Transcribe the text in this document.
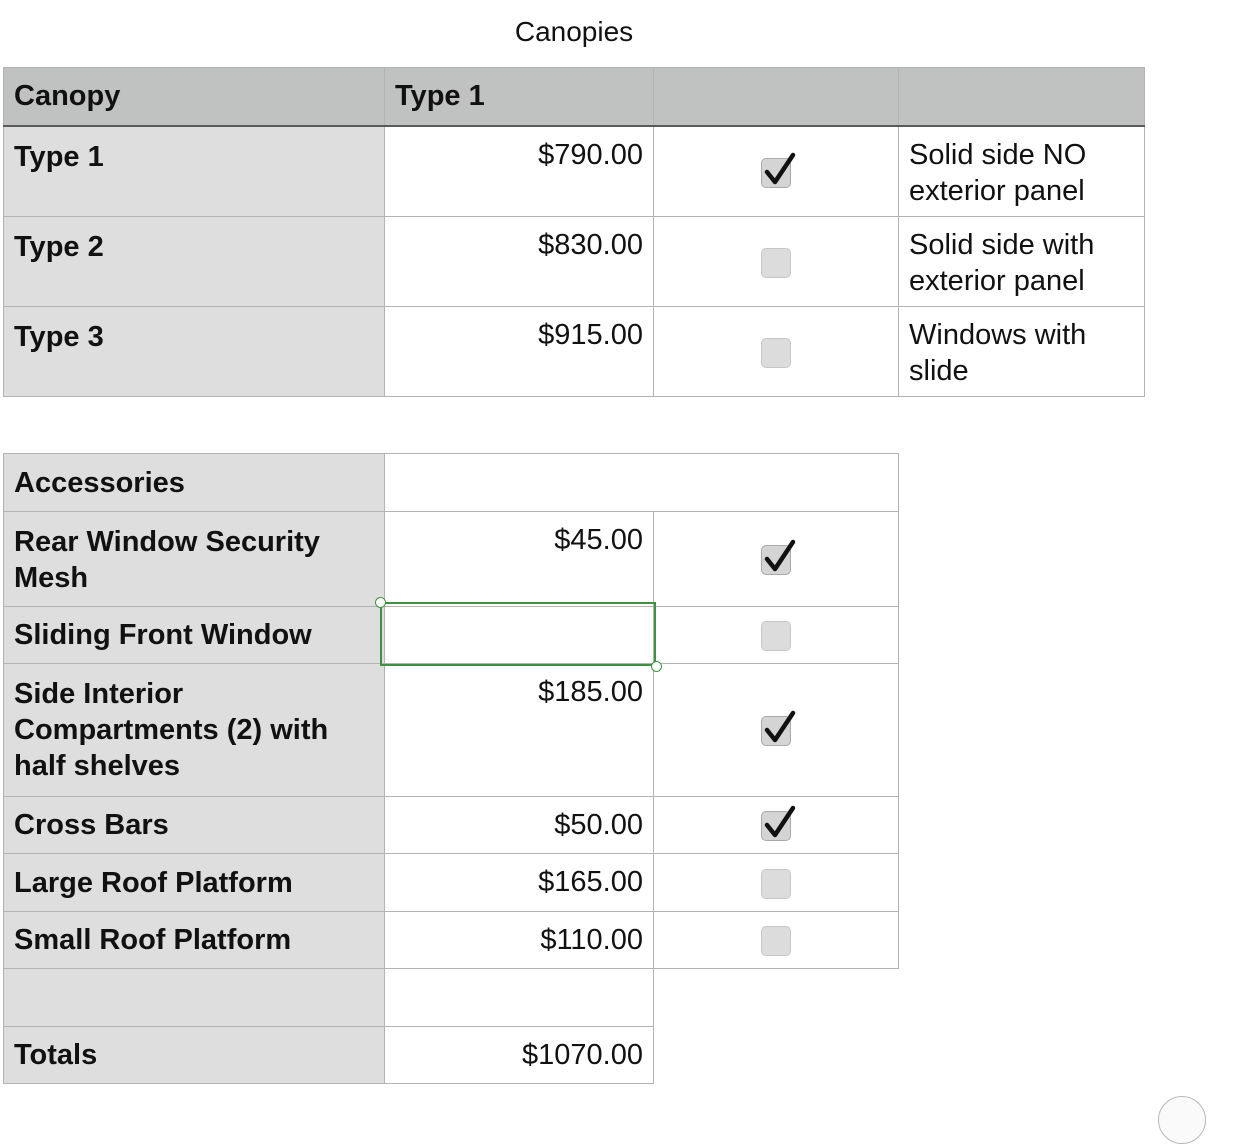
Canopies
Canopy	Type 1		
Type 1	$790.00		Solid side NO exterior panel
Type 2	$830.00		Solid side with exterior panel
Type 3	$915.00		Windows with slide
Accessories		
Rear Window Security Mesh	$45.00	

Sliding Front Window		
Side Interior Compartments (2) with half shelves	$185.00	

Cross Bars	$50.00	

Large Roof Platform	$165.00	
Small Roof Platform	$110.00	

Totals	$1070.00	
